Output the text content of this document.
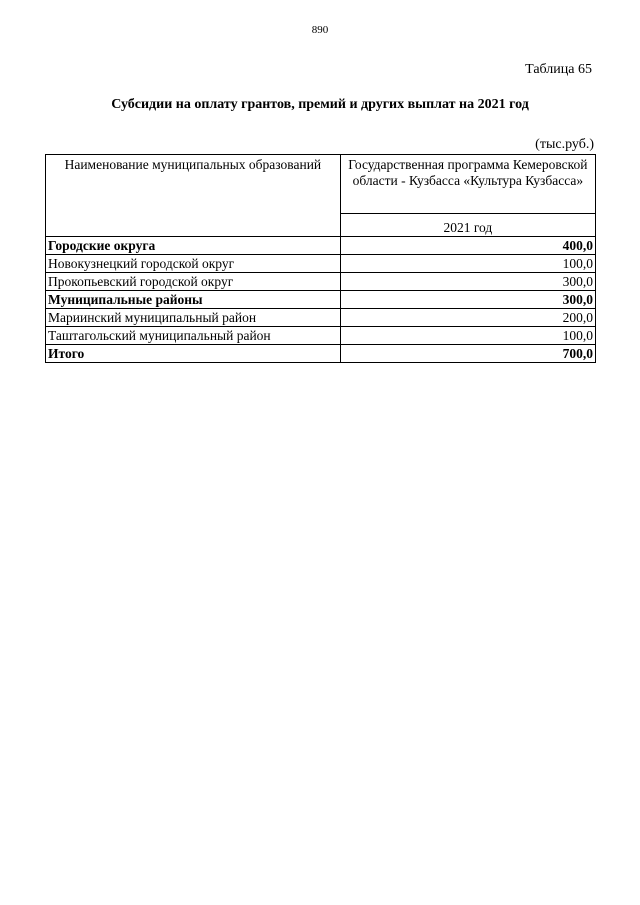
890
Таблица 65
Субсидии на оплату грантов, премий и других выплат на 2021 год
(тыс.руб.)
Наименование муниципальных образований	Государственная программа Кемеровской области - Кузбасса «Культура Кузбасса»
	2021 год
Городские округа	400,0
Новокузнецкий городской округ	100,0
Прокопьевский городской округ	300,0
Муниципальные районы	300,0
Мариинский муниципальный район	200,0
Таштагольский муниципальный район	100,0
Итого	700,0
